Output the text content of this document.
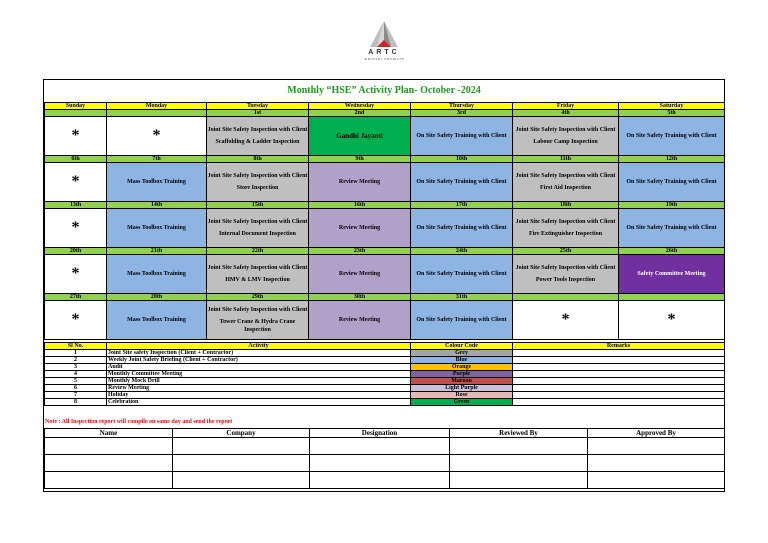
ARTC
INDUSTRY PROJECTS
Monthly “HSE” Activity Plan- October -2024
Sunday	Monday	Tuesday	Wednesday	Thursday	Friday	Saturday
		1st	2nd	3rd	4th	5th
*	*	Joint Site Safety Inspection with Client
Scaffolding & Ladder Inspection	Gandhi Jayanti	On Site Safety Training with Client	Joint Site Safety Inspection with Client
Labour Camp Inspection	On Site Safety Training with Client
6th	7th	8th	9th	10th	11th	12th
*	Mass Toolbox Training	Joint Site Safety Inspection with Client
Store Inspection	Review Meeting	On Site Safety Training with Client	Joint Site Safety Inspection with Client
First Aid Inspection	On Site Safety Training with Client
13th	14th	15th	16th	17th	18th	19th
*	Mass Toolbox Training	Joint Site Safety Inspection with Client
Internal Document Inspection	Review Meeting	On Site Safety Training with Client	Joint Site Safety Inspection with Client
Fire Extinguisher Inspection	On Site Safety Training with Client
20th	21th	22th	23th	24th	25th	26th
*	Mass Toolbox Training	Joint Site Safety Inspection with Client
HMV & LMV Inspection	Review Meeting	On Site Safety Training with Client	Joint Site Safety Inspection with Client
Power Tools Inspection	Safety Committee Meeting
27th	28th	29th	30th	31th		
*	Mass Toolbox Training	Joint Site Safety Inspection with Client
Tower Crane & Hydra Crane Inspection	Review Meeting	On Site Safety Training with Client	*	*
Sl No.	Activity	Colour Code	Remarks
1	Joint Site safety Inspection (Client + Contractor)	Grey	
2	Weekly Joint Safety Briefing (Client + Contractor)	Blue	
3	Audit	Orange	
4	Monthly Committee Meeting	Purple	
5	Monthly Mock Drill	Maroon	
6	Review Meeting	Light Purple	
7	Holiday	Rose	
8	Celebration	Green	
Note : All Inspection report will compile on same day and send the report
Name	Company	Designation	Reviewed By	Approved By
